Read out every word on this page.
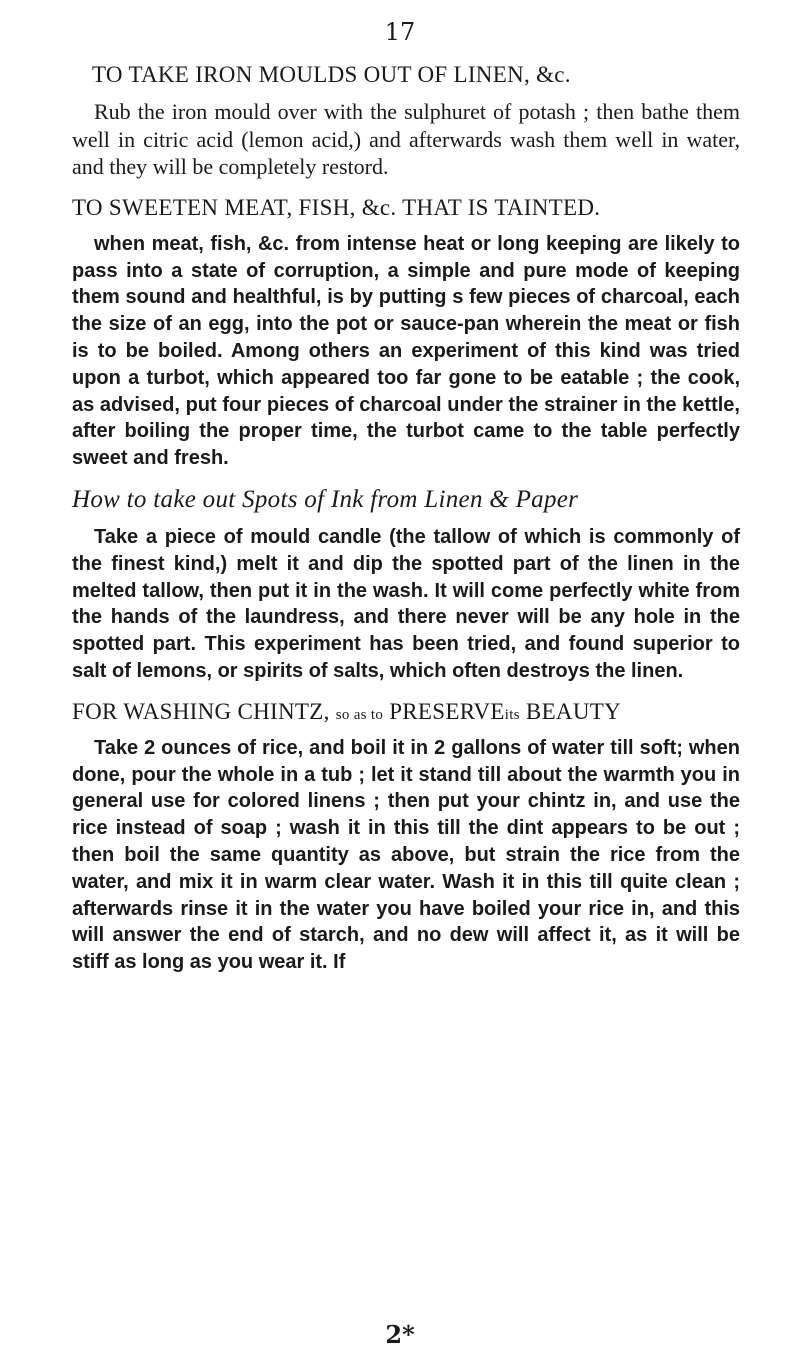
17
TO TAKE IRON MOULDS OUT OF LINEN, &c.

Rub the iron mould over with the sulphuret of potash ; then bathe them well in citric acid (lemon acid,) and afterwards wash them well in water, and they will be completely restord.

TO SWEETEN MEAT, FISH, &c. THAT IS TAINTED.

when meat, fish, &c. from intense heat or long keeping are likely to pass into a state of corruption, a simple and pure mode of keeping them sound and healthful, is by putting s few pieces of charcoal, each the size of an egg, into the pot or sauce-pan wherein the meat or fish is to be boiled. Among others an experiment of this kind was tried upon a turbot, which appeared too far gone to be eatable ; the cook, as advised, put four pieces of charcoal under the strainer in the kettle, after boiling the proper time, the turbot came to the table perfectly sweet and fresh.

How to take out Spots of Ink from Linen & Paper

Take a piece of mould candle (the tallow of which is commonly of the finest kind,) melt it and dip the spotted part of the linen in the melted tallow, then put it in the wash. It will come perfectly white from the hands of the laundress, and there never will be any hole in the spotted part. This experiment has been tried, and found superior to salt of lemons, or spirits of salts, which often destroys the linen.

FOR WASHING CHINTZ, so as to PRESERVEits BEAUTY

Take 2 ounces of rice, and boil it in 2 gallons of water till soft; when done, pour the whole in a tub ; let it stand till about the warmth you in general use for colored linens ; then put your chintz in, and use the rice instead of soap ; wash it in this till the dint appears to be out ; then boil the same quantity as above, but strain the rice from the water, and mix it in warm clear water. Wash it in this till quite clean ; afterwards rinse it in the water you have boiled your rice in, and this will answer the end of starch, and no dew will affect it, as it will be stiff as long as you wear it. If

2*
